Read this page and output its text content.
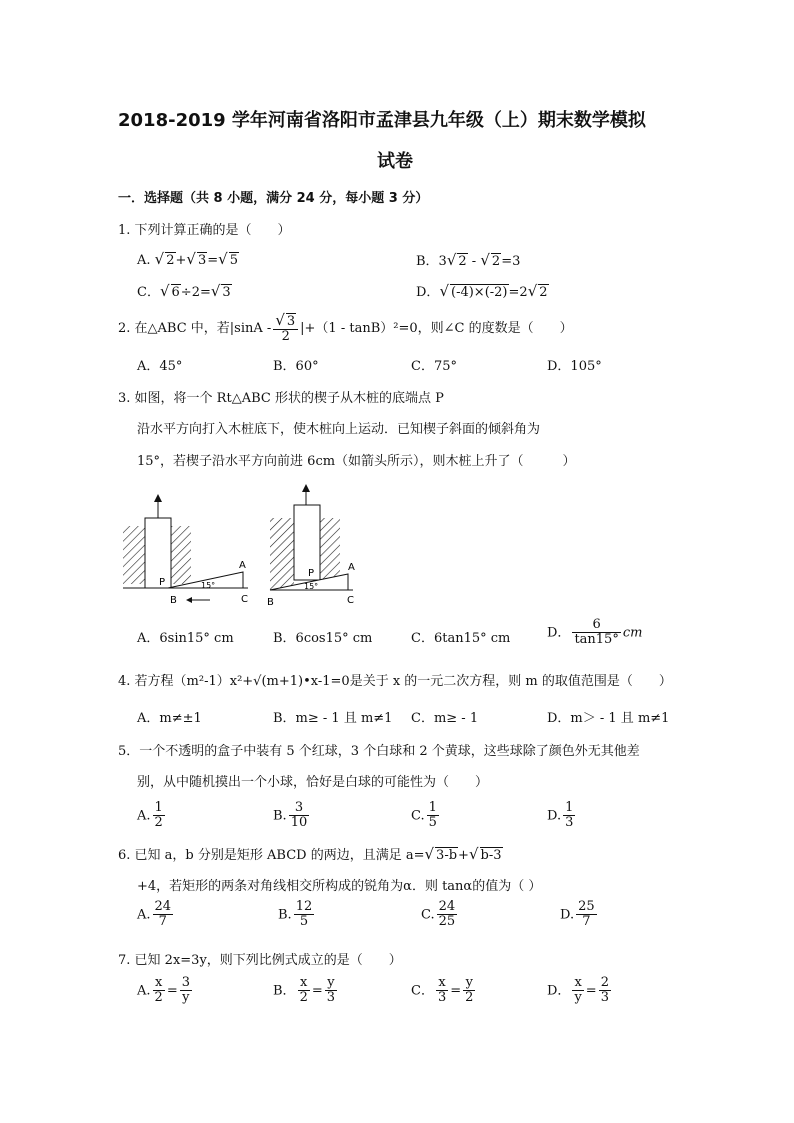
2018-2019 学年河南省洛阳市孟津县九年级（上）期末数学模拟
试卷
一．选择题（共 8 小题，满分 24 分，每小题 3 分）
1. 下列计算正确的是（　　）
A. √ 2+√ 3=√ 5	B．3√ 2 - √ 2=3
C．√ 6÷2=√ 3	D．√ (-4)×(-2)=2√ 2
2. 在△ABC 中，若$|\sin A - \frac{√ 3}{2} |+(1 - \tan B)^2=0$，则∠C 的度数是（　　）
A．45°	B．60°	C．75°	D．105°
3. 如图，将一个 Rt△ABC 形状的楔子从木桩的底端点 P
沿水平方向打入木桩底下，使木桩向上运动．已知楔子斜面的倾斜角为
15°，若楔子沿水平方向前进 6cm（如箭头所示），则木桩上升了（　　　）
P	15°
A
B	C
P
15°
A
B	C
A．6sin15° cm	B．6cos15° cm	C．6tan15° cm	D． $\frac{6}{\tan 15^\circ}$ cm
4. 若方程（m²-1）x²+√(m+1)•x-1=0是关于 x 的一元二次方程，则 m 的取值范围是（　　）
A．m≠±1	B．m≥ - 1 且 m≠1 C．m≥ - 1	D．m＞ - 1 且 m≠1
5．一个不透明的盒子中装有 5 个红球，3 个白球和 2 个黄球，这些球除了颜色外无其他差
别，从中随机摸出一个小球，恰好是白球的可能性为（　　）
A. $\frac{1}{2}$	B. $\frac{3}{10}$	C. $\frac{1}{5}$	D. $\frac{1}{3}$
6. 已知 a，b 分别是矩形 ABCD 的两边，且满足 a=√ 3-b+√ b-3
+4，若矩形的两条对角线相交所构成的锐角为α．则 tanα的值为（ ）
A. $\frac{24}{7}$	B. $\frac{12}{5}$	C. $\frac{24}{25}$	D. $\frac{25}{7}$
7. 已知 2x=3y，则下列比例式成立的是（　　）
A. $\frac{x}{2} = \frac{3}{y}$	B． $\frac{x}{2} = \frac{y}{3}$	C． $\frac{x}{3} = \frac{y}{2}$	D． $\frac{x}{y} = \frac{2}{3}$
